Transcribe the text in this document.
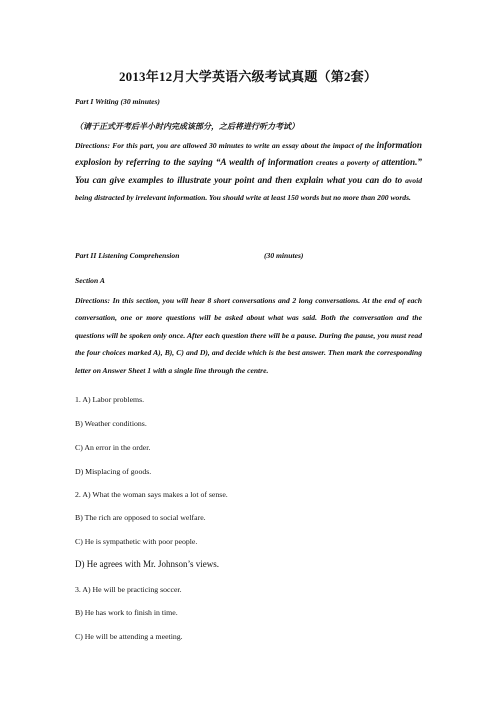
2013年12月大学英语六级考试真题（第2套）

Part I Writing (30 minutes)

（请于正式开考后半小时内完成该部分，之后将进行听力考试）

Directions: For this part, you are allowed 30 minutes to write an essay about the impact of the information explosion by referring to the saying “A wealth of information creates a poverty of attention.” You can give examples to illustrate your point and then explain what you can do to avoid being distracted by irrelevant information. You should write at least 150 words but no more than 200 words.

Part II Listening Comprehension	(30 minutes)

Section A

Directions: In this section, you will hear 8 short conversations and 2 long conversations. At the end of each conversation, one or more questions will be asked about what was said. Both the conversation and the questions will be spoken only once. After each question there will be a pause. During the pause, you must read the four choices marked A), B), C) and D), and decide which is the best answer. Then mark the corresponding letter on Answer Sheet 1 with a single line through the centre.

1. A) Labor problems.

B) Weather conditions.

C) An error in the order.

D) Misplacing of goods.

2. A) What the woman says makes a lot of sense.

B) The rich are opposed to social welfare.

C) He is sympathetic with poor people.

D) He agrees with Mr. Johnson’s views.

3. A) He will be practicing soccer.

B) He has work to finish in time.

C) He will be attending a meeting.
